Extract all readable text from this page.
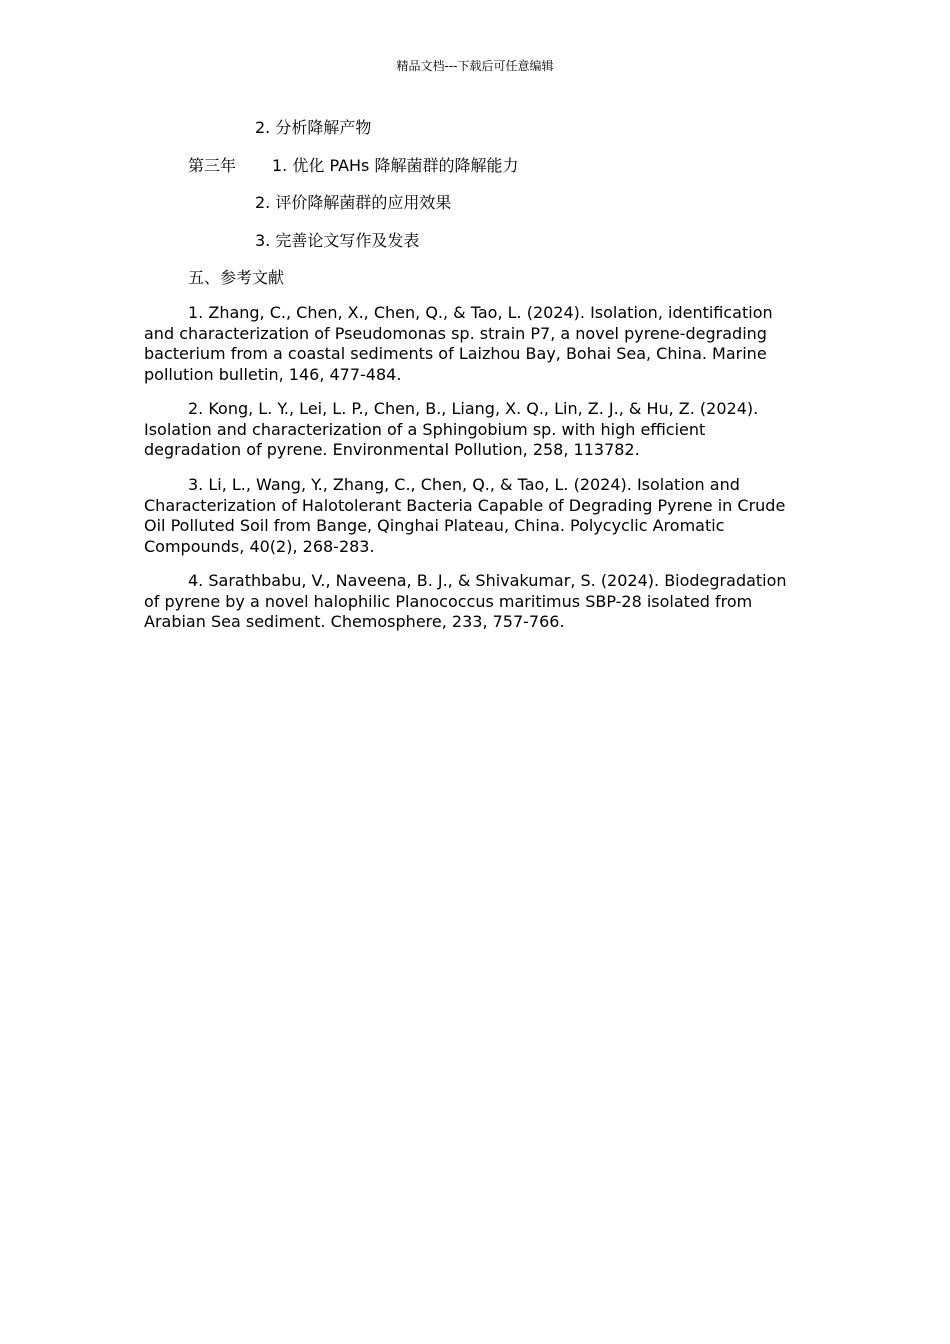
精品文档---下载后可任意编辑
2. 分析降解产物
第三年 1. 优化 PAHs 降解菌群的降解能力
2. 评价降解菌群的应用效果
3. 完善论文写作及发表
五、参考文献

1. Zhang, C., Chen, X., Chen, Q., & Tao, L. (2024). Isolation, identification and characterization of Pseudomonas sp. strain P7, a novel pyrene-degrading bacterium from a coastal sediments of Laizhou Bay, Bohai Sea, China. Marine pollution bulletin, 146, 477-484.

2. Kong, L. Y., Lei, L. P., Chen, B., Liang, X. Q., Lin, Z. J., & Hu, Z. (2024). Isolation and characterization of a Sphingobium sp. with high efficient degradation of pyrene. Environmental Pollution, 258, 113782.

3. Li, L., Wang, Y., Zhang, C., Chen, Q., & Tao, L. (2024). Isolation and Characterization of Halotolerant Bacteria Capable of Degrading Pyrene in Crude Oil Polluted Soil from Bange, Qinghai Plateau, China. Polycyclic Aromatic Compounds, 40(2), 268-283.

4. Sarathbabu, V., Naveena, B. J., & Shivakumar, S. (2024). Biodegradation of pyrene by a novel halophilic Planococcus maritimus SBP-28 isolated from Arabian Sea sediment. Chemosphere, 233, 757-766.
